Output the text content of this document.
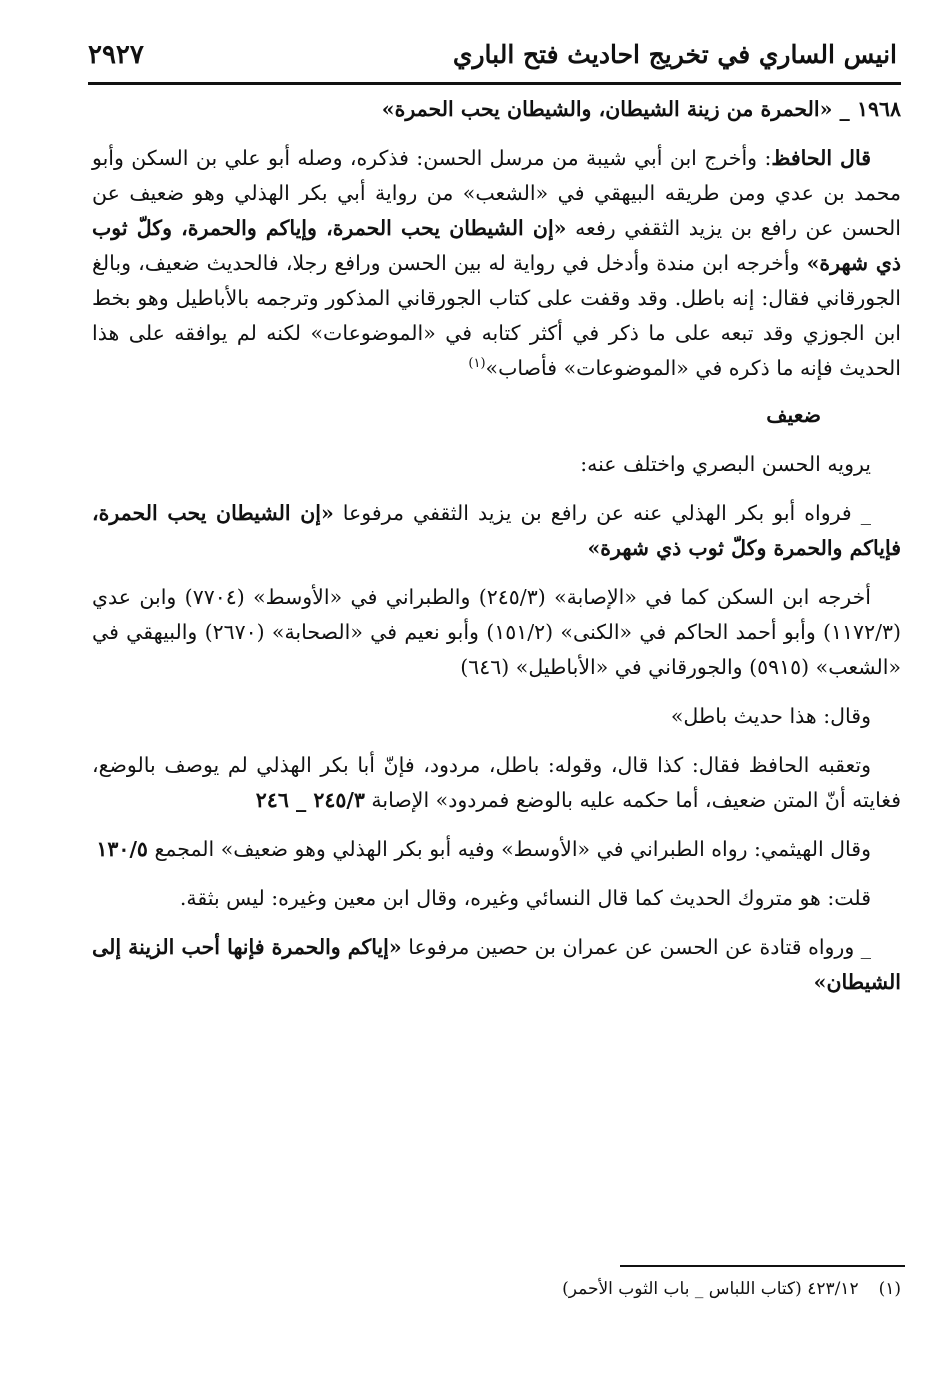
انيس الساري في تخريج احاديث فتح الباري
٢٩٢٧

١٩٦٨ _ «الحمرة من زينة الشيطان، والشيطان يحب الحمرة»

قال الحافظ: وأخرج ابن أبي شيبة من مرسل الحسن: فذكره، وصله أبو علي بن السكن وأبو محمد بن عدي ومن طريقه البيهقي في «الشعب» من رواية أبي بكر الهذلي وهو ضعيف عن الحسن عن رافع بن يزيد الثقفي رفعه «إن الشيطان يحب الحمرة، وإياكم والحمرة، وكلّ ثوب ذي شهرة» وأخرجه ابن مندة وأدخل في رواية له بين الحسن ورافع رجلا، فالحديث ضعيف، وبالغ الجورقاني فقال: إنه باطل. وقد وقفت على كتاب الجورقاني المذكور وترجمه بالأباطيل وهو بخط ابن الجوزي وقد تبعه على ما ذكر في أكثر كتابه في «الموضوعات» لكنه لم يوافقه على هذا الحديث فإنه ما ذكره في «الموضوعات» فأصاب»$^{(١)}$

ضعيف

يرويه الحسن البصري واختلف عنه:

_ فرواه أبو بكر الهذلي عنه عن رافع بن يزيد الثقفي مرفوعا «إن الشيطان يحب الحمرة، فإياكم والحمرة وكلّ ثوب ذي شهرة»

أخرجه ابن السكن كما في «الإصابة» (٢٤٥/٣) والطبراني في «الأوسط» (٧٧٠٤) وابن عدي (١١٧٢/٣) وأبو أحمد الحاكم في «الكنى» (١٥١/٢) وأبو نعيم في «الصحابة» (٢٦٧٠) والبيهقي في «الشعب» (٥٩١٥) والجورقاني في «الأباطيل» (٦٤٦)

وقال: هذا حديث باطل»

وتعقبه الحافظ فقال: كذا قال، وقوله: باطل، مردود، فإنّ أبا بكر الهذلي لم يوصف بالوضع، فغايته أنّ المتن ضعيف، أما حكمه عليه بالوضع فمردود» الإصابة ٢٤٥/٣ _ ٢٤٦

وقال الهيثمي: رواه الطبراني في «الأوسط» وفيه أبو بكر الهذلي وهو ضعيف» المجمع ١٣٠/٥

قلت: هو متروك الحديث كما قال النسائي وغيره، وقال ابن معين وغيره: ليس بثقة.

_ ورواه قتادة عن الحسن عن عمران بن حصين مرفوعا «إياكم والحمرة فإنها أحب الزينة إلى الشيطان»

(١)٤٢٣/١٢ (كتاب اللباس _ باب الثوب الأحمر)
